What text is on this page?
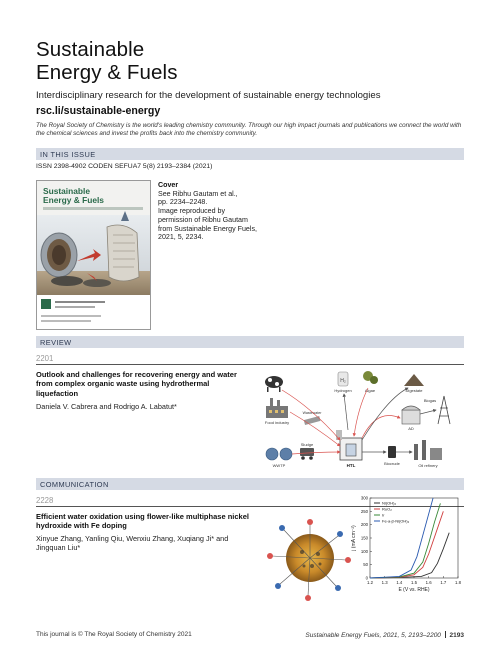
Sustainable
Energy & Fuels
Interdisciplinary research for the development of sustainable energy technologies
rsc.li/sustainable-energy
The Royal Society of Chemistry is the world's leading chemistry community. Through our high impact journals and publications we connect the world with the chemical sciences and invest the profits back into the chemistry community.
IN THIS ISSUE
ISSN 2398-4902 CODEN SEFUA7 5(8) 2193–2384 (2021)
Sustainable
Energy & Fuels
Cover
See Ribhu Gautam et al.,
pp. 2234–2248.
Image reproduced by
permission of Ribhu Gautam
from Sustainable Energy Fuels,
2021, 5, 2234.
REVIEW
2201
Outlook and challenges for recovering energy and water from complex organic waste using hydrothermal liquefaction
Daniela V. Cabrera and Rodrigo A. Labatut*
H₂
Hydrogen	Algae	Digestate
Food industry
Wastewater
WWTP
Sludge
HTL
AD
Biogas
Biocrude	Oil refinery
COMMUNICATION
2228
Efficient water oxidation using flower-like multiphase nickel hydroxide with Fe doping
Xinyue Zhang, Yanling Qiu, Wenxiu Zhang, Xuqiang Ji* and Jingquan Liu*
1.2 1.3 1.4 1.5 1.6 1.7 1.8
0
50
100
150
200
250
300
Ni(OH)₂
RuO₂
Ir
Fe-a-β-Ni(OH)₂
E (V vs. RHE)
j (mA cm⁻²)
This journal is © The Royal Society of Chemistry 2021	Sustainable Energy Fuels, 2021, 5, 2193–2200 2193
